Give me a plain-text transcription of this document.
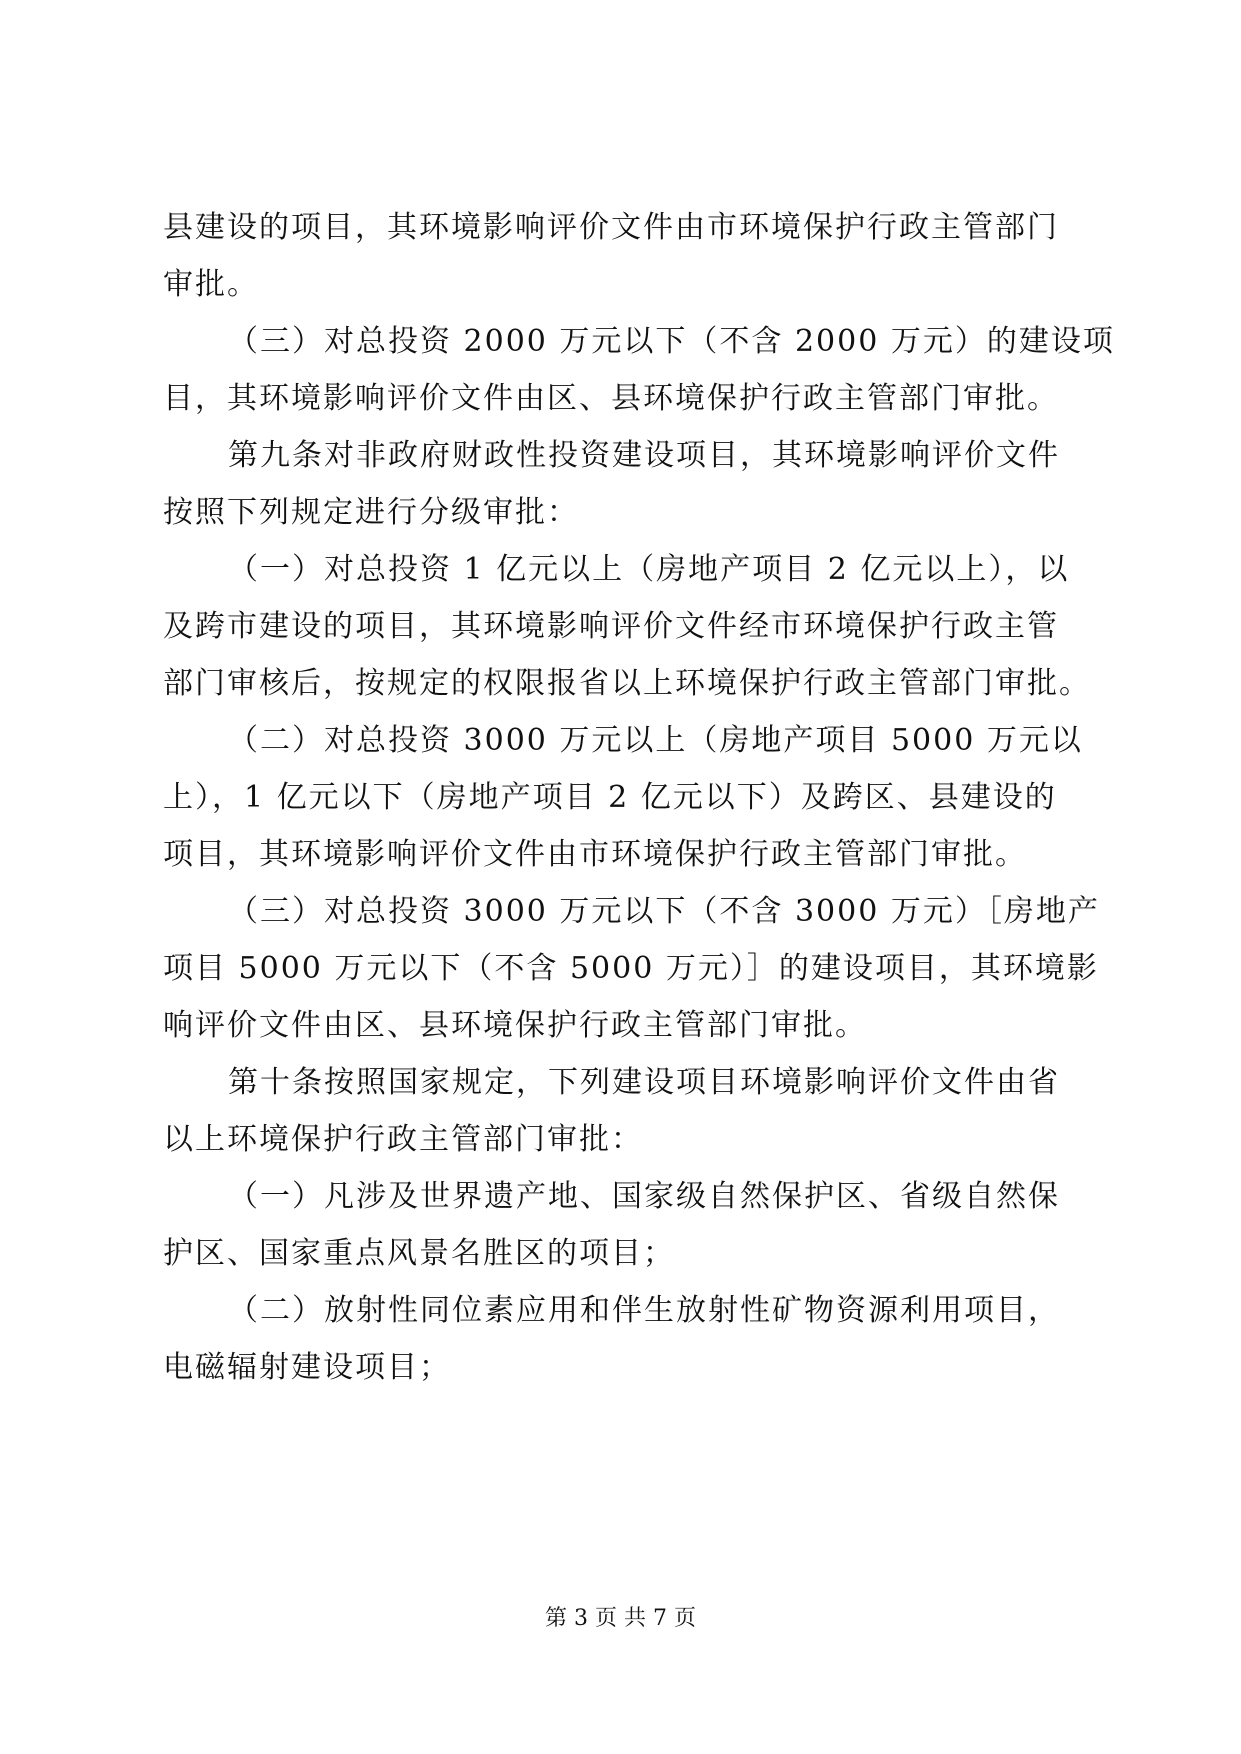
县建设的项目，其环境影响评价文件由市环境保护行政主管部门
审批。
（三）对总投资 2000 万元以下（不含 2000 万元）的建设项
目，其环境影响评价文件由区、县环境保护行政主管部门审批。
第九条对非政府财政性投资建设项目，其环境影响评价文件
按照下列规定进行分级审批：
（一）对总投资 1 亿元以上（房地产项目 2 亿元以上），以
及跨市建设的项目，其环境影响评价文件经市环境保护行政主管
部门审核后，按规定的权限报省以上环境保护行政主管部门审批。
（二）对总投资 3000 万元以上（房地产项目 5000 万元以
上），1 亿元以下（房地产项目 2 亿元以下）及跨区、县建设的
项目，其环境影响评价文件由市环境保护行政主管部门审批。
（三）对总投资 3000 万元以下（不含 3000 万元）［房地产
项目 5000 万元以下（不含 5000 万元）］的建设项目，其环境影
响评价文件由区、县环境保护行政主管部门审批。
第十条按照国家规定，下列建设项目环境影响评价文件由省
以上环境保护行政主管部门审批：
（一）凡涉及世界遗产地、国家级自然保护区、省级自然保
护区、国家重点风景名胜区的项目；
（二）放射性同位素应用和伴生放射性矿物资源利用项目，
电磁辐射建设项目；
第 3 页 共 7 页
